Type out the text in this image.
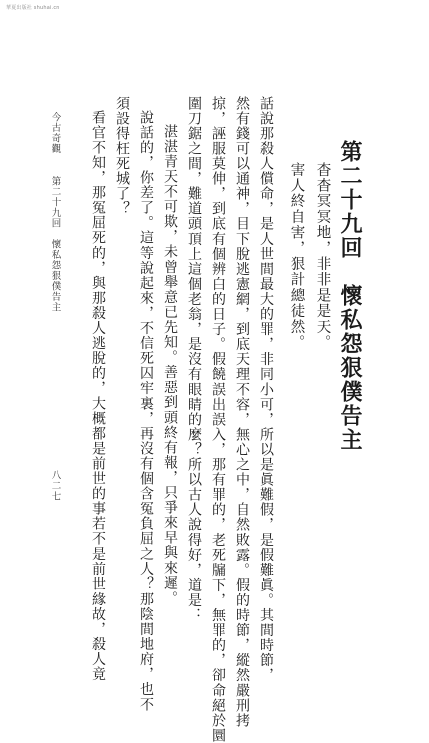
華夏出版社 shuhai.cn
第二十九回　懷私怨狠僕告主
杳杳冥冥地，非非是是天。
害人終自害，狠計總徒然。
話說那殺人償命，是人世間最大的罪，非同小可，所以是眞難假，是假難眞。其間時節，
然有錢可以通神，目下脫逃憲網，到底天理不容，無心之中，自然敗露。假的時節，縱然嚴刑拷
掠，誣服莫伸，到底有個辨白的日子。假饒誤出誤入，那有罪的，老死牖下，無罪的，卻命絕於圜
圍刀鋸之間，難道頭頂上這個老翁，是沒有眼睛的麼？所以古人說得好，道是：
湛湛青天不可欺，未曾舉意已先知。善惡到頭終有報，只爭來早與來遲。
說話的，你差了。這等說起來，不信死囚牢裏，再沒有個含冤負屈之人？那陰間地府，也不
須設得枉死城了？
看官不知，那冤屈死的，與那殺人逃脫的，大概都是前世的事若不是前世緣故，殺人竟
今古奇觀
第二十九回　懷私怨狠僕告主
八二七
